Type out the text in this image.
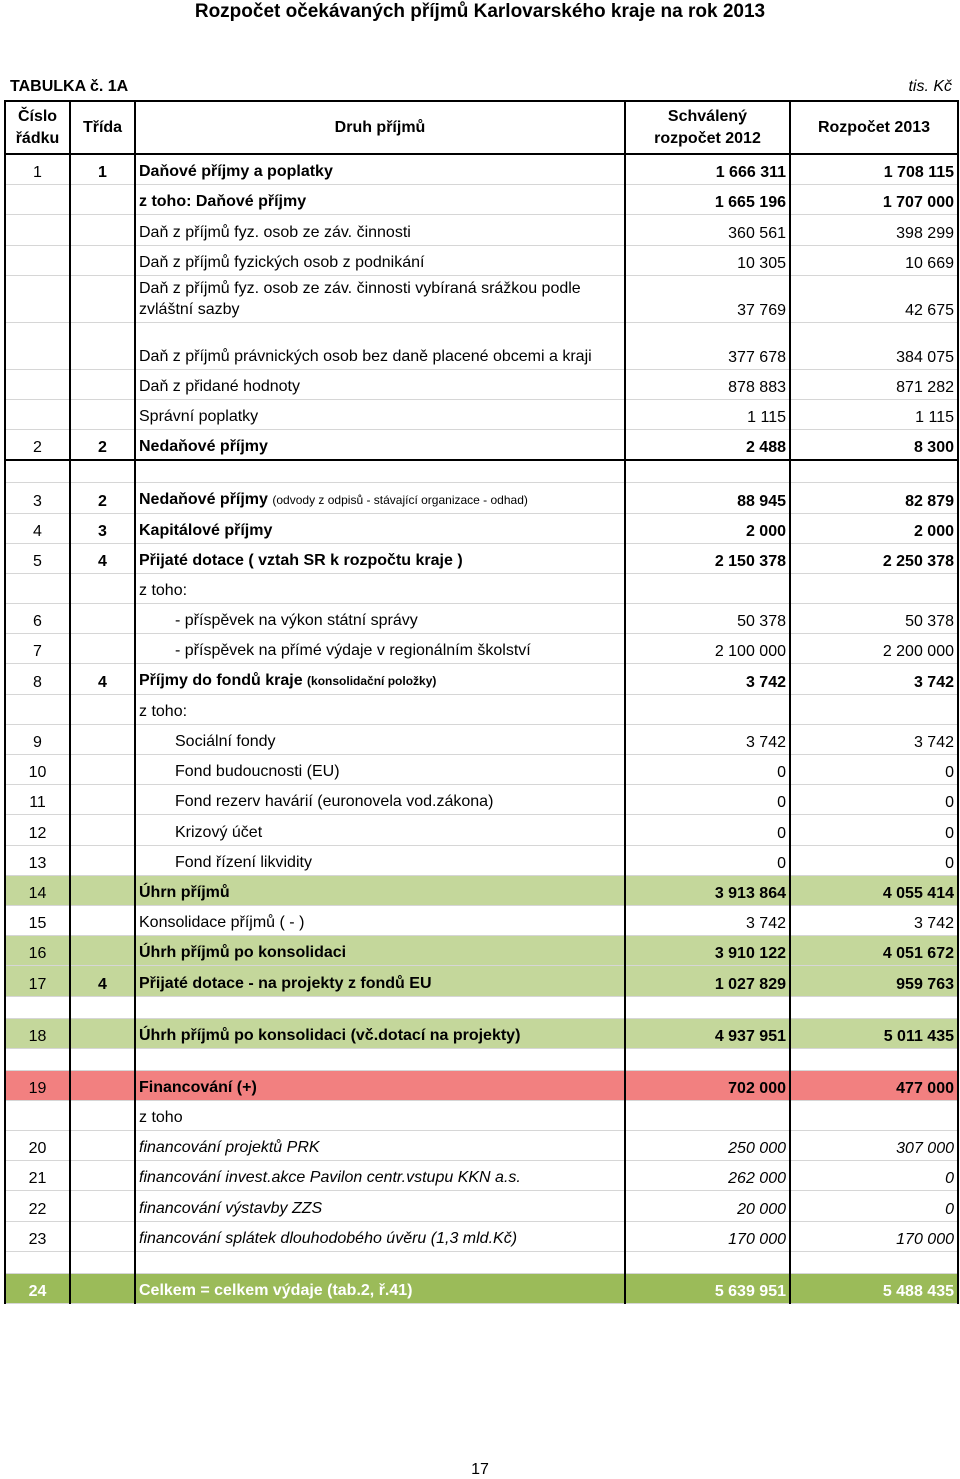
Rozpočet očekávaných příjmů Karlovarského kraje na rok 2013
TABULKA č. 1A	tis. Kč
Číslo
řádku	Třída	Druh příjmů	Schválený
rozpočet 2012	Rozpočet 2013
1	1	Daňové příjmy a poplatky	1 666 311	1 708 115
		z toho: Daňové příjmy	1 665 196	1 707 000
		Daň z příjmů fyz. osob ze záv. činnosti	360 561	398 299
		Daň z příjmů fyzických osob z podnikání	10 305	10 669
		Daň z příjmů fyz. osob ze záv. činnosti vybíraná srážkou podle zvláštní sazby	37 769	42 675
		Daň z příjmů právnických osob bez daně placené obcemi a kraji	377 678	384 075
		Daň z přidané hodnoty	878 883	871 282
		Správní poplatky	1 115	1 115
2	2	Nedaňové příjmy	2 488	8 300

3	2	Nedaňové příjmy (odvody z odpisů - stávající organizace - odhad)	88 945	82 879
4	3	Kapitálové příjmy	2 000	2 000
5	4	Přijaté dotace ( vztah SR k rozpočtu kraje )	2 150 378	2 250 378
		z toho:		
6		- příspěvek na výkon státní správy	50 378	50 378
7		- příspěvek na přímé výdaje v regionálním školství	2 100 000	2 200 000
8	4	Příjmy do fondů kraje (konsolidační položky)	3 742	3 742
		z toho:		
9		Sociální fondy	3 742	3 742
10		Fond budoucnosti (EU)	0	0
11		Fond rezerv havárií (euronovela vod.zákona)	0	0
12		Krizový účet	0	0
13		Fond řízení likvidity	0	0
14		Úhrn příjmů	3 913 864	4 055 414
15		Konsolidace příjmů ( - )	3 742	3 742
16		Úhrh příjmů po konsolidaci	3 910 122	4 051 672
17	4	Přijaté dotace - na projekty z fondů EU	1 027 829	959 763

18		Úhrh příjmů po konsolidaci (vč.dotací na projekty)	4 937 951	5 011 435

19		Financování (+)	702 000	477 000
		z toho		
20		financování projektů PRK	250 000	307 000
21		financování invest.akce Pavilon centr.vstupu KKN a.s.	262 000	0
22		financování výstavby ZZS	20 000	0
23		financování splátek dlouhodobého úvěru (1,3 mld.Kč)	170 000	170 000

24		Celkem = celkem výdaje (tab.2, ř.41)	5 639 951	5 488 435
17
